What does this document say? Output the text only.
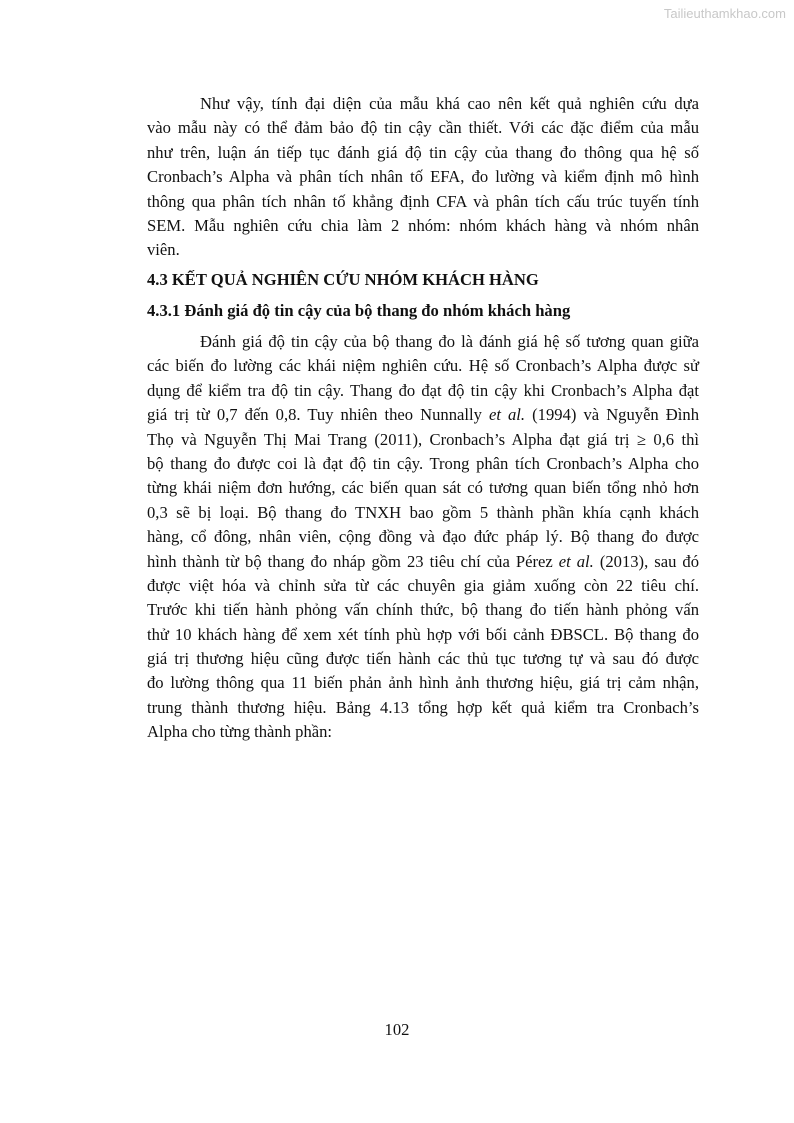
Tailieuthamkhao.com
Như vậy, tính đại diện của mẫu khá cao nên kết quả nghiên cứu dựa
vào mẫu này có thể đảm bảo độ tin cậy cần thiết. Với các đặc điểm của mẫu
như trên, luận án tiếp tục đánh giá độ tin cậy của thang đo thông qua hệ số
Cronbach’s Alpha và phân tích nhân tố EFA, đo lường và kiểm định mô hình
thông qua phân tích nhân tố khẳng định CFA và phân tích cấu trúc tuyến tính
SEM. Mẫu nghiên cứu chia làm 2 nhóm: nhóm khách hàng và nhóm nhân
viên.
4.3 KẾT QUẢ NGHIÊN CỨU NHÓM KHÁCH HÀNG
4.3.1 Đánh giá độ tin cậy của bộ thang đo nhóm khách hàng
Đánh giá độ tin cậy của bộ thang đo là đánh giá hệ số tương quan giữa
các biến đo lường các khái niệm nghiên cứu. Hệ số Cronbach’s Alpha được sử
dụng để kiểm tra độ tin cậy. Thang đo đạt độ tin cậy khi Cronbach’s Alpha đạt
giá trị từ 0,7 đến 0,8. Tuy nhiên theo Nunnally et al. (1994) và Nguyễn Đình
Thọ và Nguyễn Thị Mai Trang (2011), Cronbach’s Alpha đạt giá trị ≥ 0,6 thì
bộ thang đo được coi là đạt độ tin cậy. Trong phân tích Cronbach’s Alpha cho
từng khái niệm đơn hướng, các biến quan sát có tương quan biến tổng nhỏ hơn
0,3 sẽ bị loại. Bộ thang đo TNXH bao gồm 5 thành phần khía cạnh khách
hàng, cổ đông, nhân viên, cộng đồng và đạo đức pháp lý. Bộ thang đo được
hình thành từ bộ thang đo nháp gồm 23 tiêu chí của Pérez et al. (2013), sau đó
được việt hóa và chỉnh sửa từ các chuyên gia giảm xuống còn 22 tiêu chí.
Trước khi tiến hành phỏng vấn chính thức, bộ thang đo tiến hành phỏng vấn
thử 10 khách hàng để xem xét tính phù hợp với bối cảnh ĐBSCL. Bộ thang đo
giá trị thương hiệu cũng được tiến hành các thủ tục tương tự và sau đó được
đo lường thông qua 11 biến phản ảnh hình ảnh thương hiệu, giá trị cảm nhận,
trung thành thương hiệu. Bảng 4.13 tổng hợp kết quả kiểm tra Cronbach’s
Alpha cho từng thành phần:
102
